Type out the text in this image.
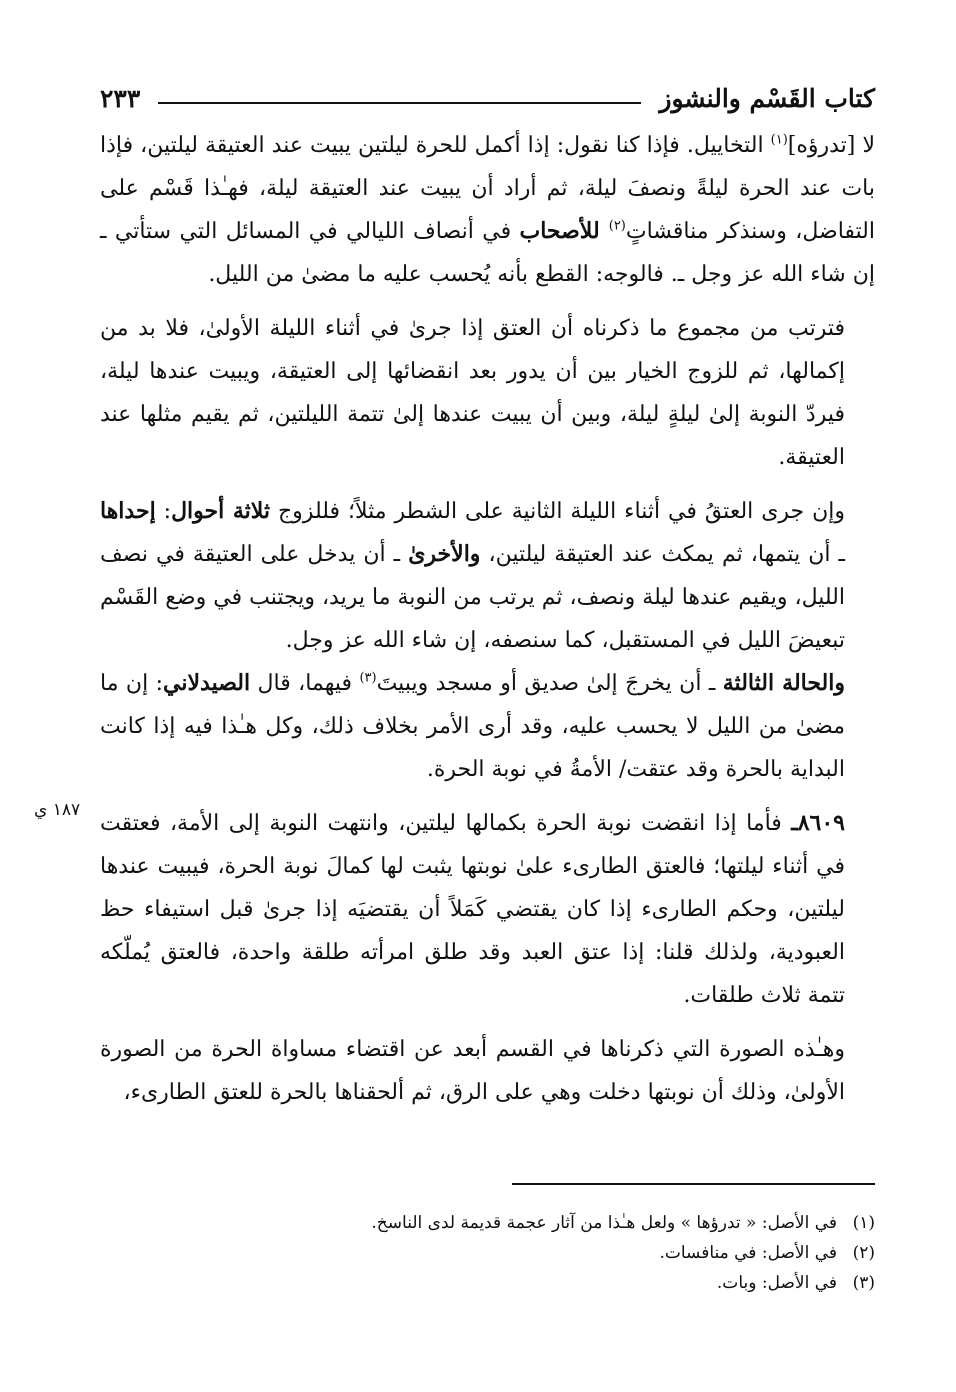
كتاب القَسْم والنشوز
٢٣٣

لا [تدرؤه]$^{(١)}$ التخاييل. فإذا كنا نقول: إذا أكمل للحرة ليلتين يبيت عند العتيقة ليلتين، فإذا بات عند الحرة ليلةً ونصفَ ليلة، ثم أراد أن يبيت عند العتيقة ليلة، فهـٰذا قَسْم على التفاضل، وسنذكر مناقشاتٍ$^{(٢)}$ للأصحاب في أنصاف الليالي في المسائل التي ستأتي ـ إن شاء الله عز وجل ـ. فالوجه: القطع بأنه يُحسب عليه ما مضىٰ من الليل.

فترتب من مجموع ما ذكرناه أن العتق إذا جرىٰ في أثناء الليلة الأولىٰ، فلا بد من إكمالها، ثم للزوج الخيار بين أن يدور بعد انقضائها إلى العتيقة، ويبيت عندها ليلة، فيردّ النوبة إلىٰ ليلةٍ ليلة، وبين أن يبيت عندها إلىٰ تتمة الليلتين، ثم يقيم مثلها عند العتيقة.

وإن جرى العتقُ في أثناء الليلة الثانية على الشطر مثلاً؛ فللزوج ثلاثة أحوال: إحداها ـ أن يتمها، ثم يمكث عند العتيقة ليلتين، والأخرىٰ ـ أن يدخل على العتيقة في نصف الليل، ويقيم عندها ليلة ونصف، ثم يرتب من النوبة ما يريد، ويجتنب في وضع القَسْم تبعيضَ الليل في المستقبل، كما سنصفه، إن شاء الله عز وجل.

والحالة الثالثة ـ أن يخرجَ إلىٰ صديق أو مسجد ويبيتَ$^{(٣)}$ فيهما، قال الصيدلاني: إن ما مضىٰ من الليل لا يحسب عليه، وقد أرى الأمر بخلاف ذلك، وكل هـٰذا فيه إذا كانت البداية بالحرة وقد عتقت/ الأمةُ في نوبة الحرة.

٨٦٠٩ـ فأما إذا انقضت نوبة الحرة بكمالها ليلتين، وانتهت النوبة إلى الأمة، فعتقت في أثناء ليلتها؛ فالعتق الطارىء علىٰ نوبتها يثبت لها كمالَ نوبة الحرة، فيبيت عندها ليلتين، وحكم الطارىء إذا كان يقتضي كَمَلاً أن يقتضيَه إذا جرىٰ قبل استيفاء حظ العبودية، ولذلك قلنا: إذا عتق العبد وقد طلق امرأته طلقة واحدة، فالعتق يُملّكه تتمة ثلاث طلقات.

وهـٰذه الصورة التي ذكرناها في القسم أبعد عن اقتضاء مساواة الحرة من الصورة الأولىٰ، وذلك أن نوبتها دخلت وهي على الرق، ثم ألحقناها بالحرة للعتق الطارىء،

١٨٧ ي
(١)
في الأصل: « تدرؤها » ولعل هـٰذا من آثار عجمة قديمة لدى الناسخ.
(٢)
في الأصل: في منافسات.
(٣)
في الأصل: وبات.
